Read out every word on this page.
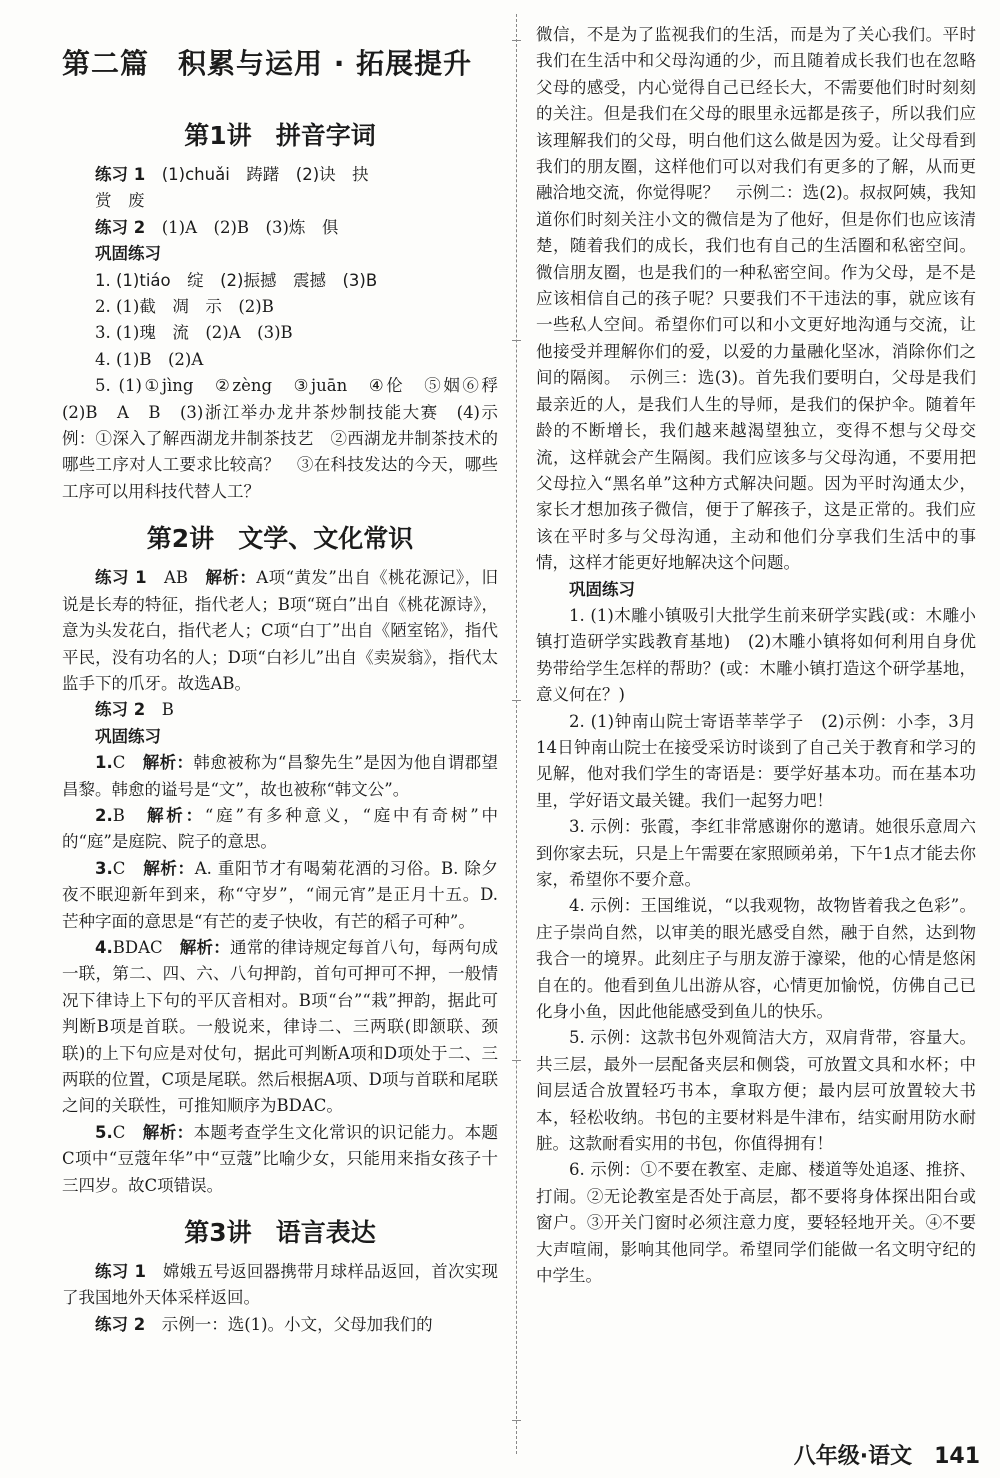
第二篇　积累与运用 · 拓展提升
第1讲 拼音字词

练习 1　 (1)chuǎi　踌躇　(2)诀　抉

赏　废

练习 2　 (1)A　(2)B　(3)炼　俱

巩固练习

1. (1)tiáo　绽　(2)振撼　震撼　(3)B

2. (1)截　凋　示　(2)B

3. (1)瑰　流　(2)A　(3)B

4. (1)B　(2)A

5. (1)①jìng　②zèng　③juān　④伦　⑤姻⑥稃　(2)B　A　B　(3)浙江举办龙井茶炒制技能大赛　(4)示例：①深入了解西湖龙井制茶技艺　②西湖龙井制茶技术的哪些工序对人工要求比较高？　③在科技发达的今天，哪些工序可以用科技代替人工？

第2讲 文学、文化常识

练习 1　 AB　 解析：A项“黄发”出自《桃花源记》，旧说是长寿的特征，指代老人；B项“斑白”出自《桃花源诗》，意为头发花白，指代老人；C项“白丁”出自《陋室铭》，指代平民，没有功名的人；D项“白衫儿”出自《卖炭翁》，指代太监手下的爪牙。故选AB。

练习 2　 B

巩固练习

1.C　 解析：韩愈被称为“昌黎先生”是因为他自谓郡望昌黎。韩愈的谥号是“文”，故也被称“韩文公”。

2.B　 解析：“庭”有多种意义，“庭中有奇树”中的“庭”是庭院、院子的意思。

3.C　 解析：A. 重阳节才有喝菊花酒的习俗。B. 除夕夜不眠迎新年到来，称“守岁”，“闹元宵”是正月十五。D. 芒种字面的意思是“有芒的麦子快收，有芒的稻子可种”。

4.BDAC　 解析：通常的律诗规定每首八句，每两句成一联，第二、四、六、八句押韵，首句可押可不押，一般情况下律诗上下句的平仄音相对。B项“台”“栽”押韵，据此可判断B项是首联。一般说来，律诗二、三两联(即颔联、颈联)的上下句应是对仗句，据此可判断A项和D项处于二、三两联的位置，C项是尾联。然后根据A项、D项与首联和尾联之间的关联性，可推知顺序为BDAC。

5.C　 解析：本题考查学生文化常识的识记能力。本题C项中“豆蔻年华”中“豆蔻”比喻少女，只能用来指女孩子十三四岁。故C项错误。

第3讲 语言表达

练习 1　 嫦娥五号返回器携带月球样品返回，首次实现了我国地外天体采样返回。

练习 2　 示例一：选(1)。小文，父母加我们的

微信，不是为了监视我们的生活，而是为了关心我们。平时我们在生活中和父母沟通的少，而且随着成长我们也在忽略父母的感受，内心觉得自己已经长大，不需要他们时时刻刻的关注。但是我们在父母的眼里永远都是孩子，所以我们应该理解我们的父母，明白他们这么做是因为爱。让父母看到我们的朋友圈，这样他们可以对我们有更多的了解，从而更融洽地交流，你觉得呢？　示例二：选(2)。叔叔阿姨，我知道你们时刻关注小文的微信是为了他好，但是你们也应该清楚，随着我们的成长，我们也有自己的生活圈和私密空间。微信朋友圈，也是我们的一种私密空间。作为父母，是不是应该相信自己的孩子呢？只要我们不干违法的事，就应该有一些私人空间。希望你们可以和小文更好地沟通与交流，让他接受并理解你们的爱，以爱的力量融化坚冰，消除你们之间的隔阂。　示例三：选(3)。首先我们要明白，父母是我们最亲近的人，是我们人生的导师，是我们的保护伞。随着年龄的不断增长，我们越来越渴望独立，变得不想与父母交流，这样就会产生隔阂。我们应该多与父母沟通，不要用把父母拉入“黑名单”这种方式解决问题。因为平时沟通太少，家长才想加孩子微信，便于了解孩子，这是正常的。我们应该在平时多与父母沟通，主动和他们分享我们生活中的事情，这样才能更好地解决这个问题。

巩固练习

1. (1)木雕小镇吸引大批学生前来研学实践(或：木雕小镇打造研学实践教育基地)　(2)木雕小镇将如何利用自身优势带给学生怎样的帮助？(或：木雕小镇打造这个研学基地，意义何在？)

2. (1)钟南山院士寄语莘莘学子　(2)示例：小李，3月14日钟南山院士在接受采访时谈到了自己关于教育和学习的见解，他对我们学生的寄语是：要学好基本功。而在基本功里，学好语文最关键。我们一起努力吧！

3. 示例：张霞，李红非常感谢你的邀请。她很乐意周六到你家去玩，只是上午需要在家照顾弟弟，下午1点才能去你家，希望你不要介意。

4. 示例：王国维说，“以我观物，故物皆着我之色彩”。庄子崇尚自然，以审美的眼光感受自然，融于自然，达到物我合一的境界。此刻庄子与朋友游于濠梁，他的心情是悠闲自在的。他看到鱼儿出游从容，心情更加愉悦，仿佛自己已化身小鱼，因此他能感受到鱼儿的快乐。

5. 示例：这款书包外观简洁大方，双肩背带，容量大。共三层，最外一层配备夹层和侧袋，可放置文具和水杯；中间层适合放置轻巧书本，拿取方便；最内层可放置较大书本，轻松收纳。书包的主要材料是牛津布，结实耐用防水耐脏。这款耐看实用的书包，你值得拥有！

6. 示例：①不要在教室、走廊、楼道等处追逐、推挤、打闹。②无论教室是否处于高层，都不要将身体探出阳台或窗户。③开关门窗时必须注意力度，要轻轻地开关。④不要大声喧闹，影响其他同学。希望同学们能做一名文明守纪的中学生。

八年级·语文　141
